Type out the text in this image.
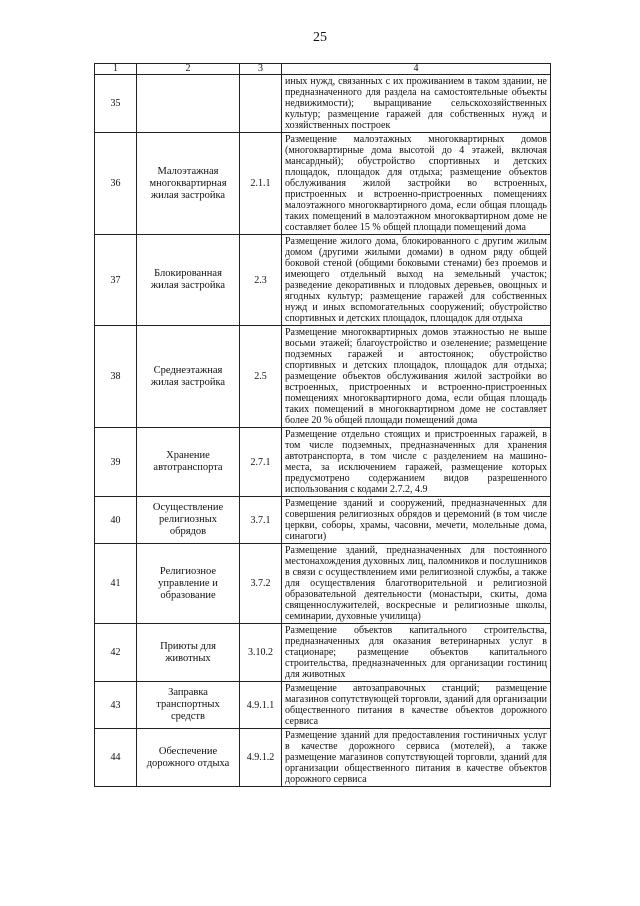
25
1	2	3	4
35			иных нужд, связанных с их проживанием в таком здании, не предназначенного для раздела на самостоятельные объекты недвижимости); выращивание сельскохозяйственных культур; размещение гаражей для собственных нужд и хозяйственных построек
36	Малоэтажная многоквартирная жилая застройка	2.1.1	Размещение малоэтажных многоквартирных домов (многоквартирные дома высотой до 4 этажей, включая мансардный); обустройство спортивных и детских площадок, площадок для отдыха; размещение объектов обслуживания жилой застройки во встроенных, пристроенных и встроенно-пристроенных помещениях малоэтажного многоквартирного дома, если общая площадь таких помещений в малоэтажном многоквартирном доме не составляет более 15 % общей площади помещений дома
37	Блокированная жилая застройка	2.3	Размещение жилого дома, блокированного с другим жилым домом (другими жилыми домами) в одном ряду общей боковой стеной (общими боковыми стенами) без проемов и имеющего отдельный выход на земельный участок; разведение декоративных и плодовых деревьев, овощных и ягодных культур; размещение гаражей для собственных нужд и иных вспомогательных сооружений; обустройство спортивных и детских площадок, площадок для отдыха
38	Среднеэтажная жилая застройка	2.5	Размещение многоквартирных домов этажностью не выше восьми этажей; благоустройство и озеленение; размещение подземных гаражей и автостоянок; обустройство спортивных и детских площадок, площадок для отдыха; размещение объектов обслуживания жилой застройки во встроенных, пристроенных и встроенно-пристроенных помещениях многоквартирного дома, если общая площадь таких помещений в многоквартирном доме не составляет более 20 % общей площади помещений дома
39	Хранение автотранспорта	2.7.1	Размещение отдельно стоящих и пристроенных гаражей, в том числе подземных, предназначенных для хранения автотранспорта, в том числе с разделением на машино-места, за исключением гаражей, размещение которых предусмотрено содержанием видов разрешенного использования с кодами 2.7.2, 4.9
40	Осуществление религиозных обрядов	3.7.1	Размещение зданий и сооружений, предназначенных для совершения религиозных обрядов и церемоний (в том числе церкви, соборы, храмы, часовни, мечети, молельные дома, синагоги)
41	Религиозное управление и образование	3.7.2	Размещение зданий, предназначенных для постоянного местонахождения духовных лиц, паломников и послушников в связи с осуществлением ими религиозной службы, а также для осуществления благотворительной и религиозной образовательной деятельности (монастыри, скиты, дома священнослужителей, воскресные и религиозные школы, семинарии, духовные училища)
42	Приюты для животных	3.10.2	Размещение объектов капитального строительства, предназначенных для оказания ветеринарных услуг в стационаре; размещение объектов капитального строительства, предназначенных для организации гостиниц для животных
43	Заправка транспортных средств	4.9.1.1	Размещение автозаправочных станций; размещение магазинов сопутствующей торговли, зданий для организации общественного питания в качестве объектов дорожного сервиса
44	Обеспечение дорожного отдыха	4.9.1.2	Размещение зданий для предоставления гостиничных услуг в качестве дорожного сервиса (мотелей), а также размещение магазинов сопутствующей торговли, зданий для организации общественного питания в качестве объектов дорожного сервиса
